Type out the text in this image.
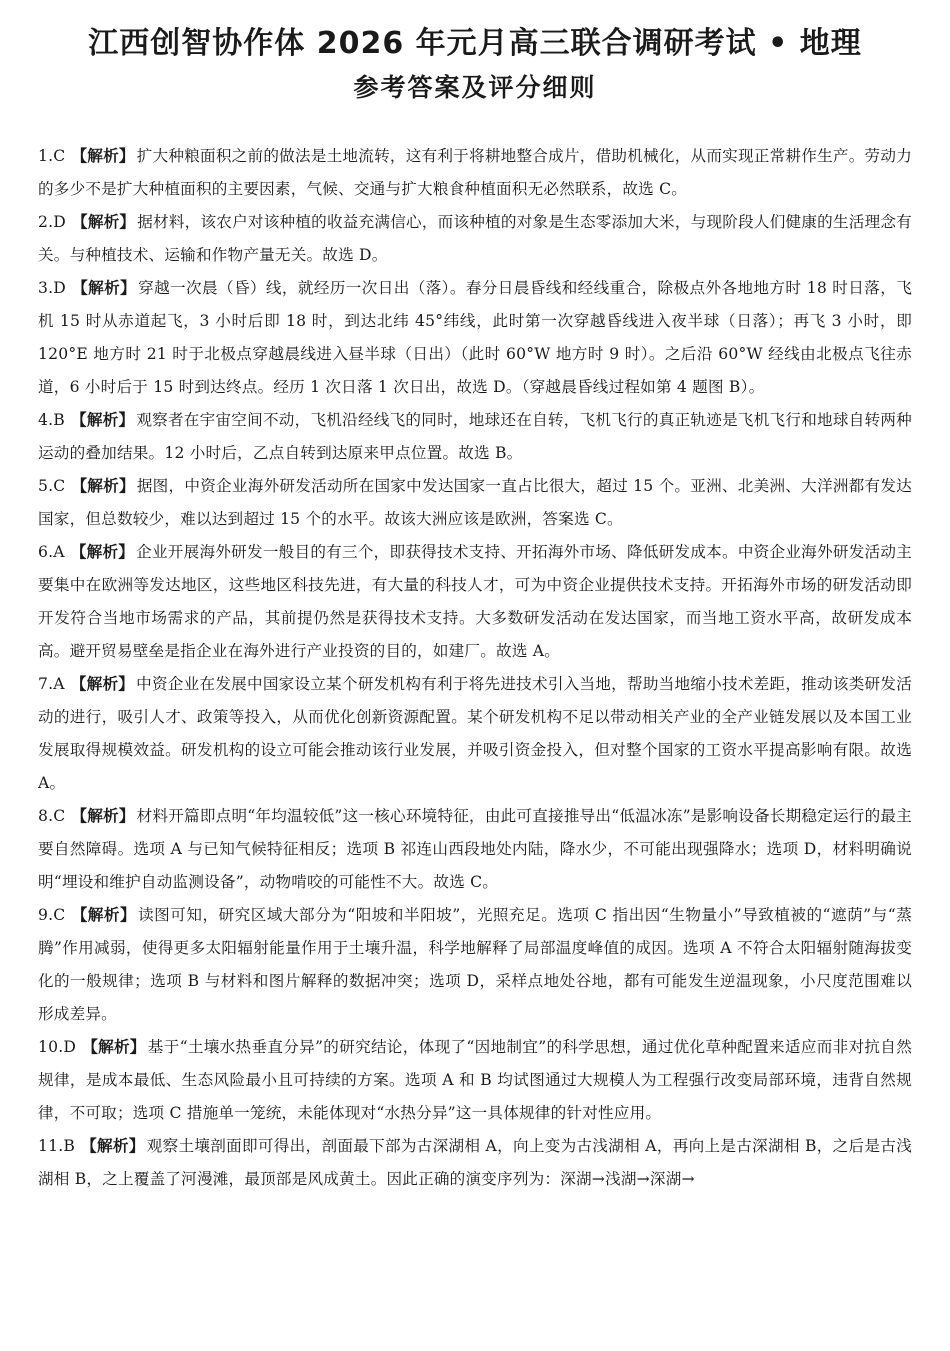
江西创智协作体 2026 年元月高三联合调研考试 • 地理
参考答案及评分细则

1.C 【解析】 扩大种粮面积之前的做法是土地流转，这有利于将耕地整合成片，借助机械化，从而实现正常耕作生产。劳动力的多少不是扩大种植面积的主要因素，气候、交通与扩大粮食种植面积无必然联系，故选 C。

2.D 【解析】 据材料，该农户对该种植的收益充满信心，而该种植的对象是生态零添加大米，与现阶段人们健康的生活理念有关。与种植技术、运输和作物产量无关。故选 D。

3.D 【解析】 穿越一次晨（昏）线，就经历一次日出（落）。春分日晨昏线和经线重合，除极点外各地地方时 18 时日落，飞机 15 时从赤道起飞，3 小时后即 18 时，到达北纬 45°纬线，此时第一次穿越昏线进入夜半球（日落）；再飞 3 小时，即 120°E 地方时 21 时于北极点穿越晨线进入昼半球（日出）（此时 60°W 地方时 9 时）。之后沿 60°W 经线由北极点飞往赤道，6 小时后于 15 时到达终点。经历 1 次日落 1 次日出，故选 D。（穿越晨昏线过程如第 4 题图 B）。

4.B 【解析】 观察者在宇宙空间不动，飞机沿经线飞的同时，地球还在自转，飞机飞行的真正轨迹是飞机飞行和地球自转两种运动的叠加结果。12 小时后，乙点自转到达原来甲点位置。故选 B。

5.C 【解析】 据图，中资企业海外研发活动所在国家中发达国家一直占比很大，超过 15 个。亚洲、北美洲、大洋洲都有发达国家，但总数较少，难以达到超过 15 个的水平。故该大洲应该是欧洲，答案选 C。

6.A 【解析】 企业开展海外研发一般目的有三个，即获得技术支持、开拓海外市场、降低研发成本。中资企业海外研发活动主要集中在欧洲等发达地区，这些地区科技先进，有大量的科技人才，可为中资企业提供技术支持。开拓海外市场的研发活动即开发符合当地市场需求的产品，其前提仍然是获得技术支持。大多数研发活动在发达国家，而当地工资水平高，故研发成本高。避开贸易壁垒是指企业在海外进行产业投资的目的，如建厂。故选 A。

7.A 【解析】 中资企业在发展中国家设立某个研发机构有利于将先进技术引入当地，帮助当地缩小技术差距，推动该类研发活动的进行，吸引人才、政策等投入，从而优化创新资源配置。某个研发机构不足以带动相关产业的全产业链发展以及本国工业发展取得规模效益。研发机构的设立可能会推动该行业发展，并吸引资金投入，但对整个国家的工资水平提高影响有限。故选 A。

8.C 【解析】 材料开篇即点明“年均温较低”这一核心环境特征，由此可直接推导出“低温冰冻”是影响设备长期稳定运行的最主要自然障碍。选项 A 与已知气候特征相反；选项 B 祁连山西段地处内陆，降水少，不可能出现强降水；选项 D，材料明确说明“埋设和维护自动监测设备”，动物啃咬的可能性不大。故选 C。

9.C 【解析】 读图可知，研究区域大部分为“阳坡和半阳坡”，光照充足。选项 C 指出因“生物量小”导致植被的“遮荫”与“蒸腾”作用减弱，使得更多太阳辐射能量作用于土壤升温，科学地解释了局部温度峰值的成因。选项 A 不符合太阳辐射随海拔变化的一般规律；选项 B 与材料和图片解释的数据冲突；选项 D，采样点地处谷地，都有可能发生逆温现象，小尺度范围难以形成差异。

10.D 【解析】 基于“土壤水热垂直分异”的研究结论，体现了“因地制宜”的科学思想，通过优化草种配置来适应而非对抗自然规律，是成本最低、生态风险最小且可持续的方案。选项 A 和 B 均试图通过大规模人为工程强行改变局部环境，违背自然规律，不可取；选项 C 措施单一笼统，未能体现对“水热分异”这一具体规律的针对性应用。

11.B 【解析】 观察土壤剖面即可得出，剖面最下部为古深湖相 A，向上变为古浅湖相 A，再向上是古深湖相 B，之后是古浅湖相 B，之上覆盖了河漫滩，最顶部是风成黄土。因此正确的演变序列为：深湖→浅湖→深湖→
